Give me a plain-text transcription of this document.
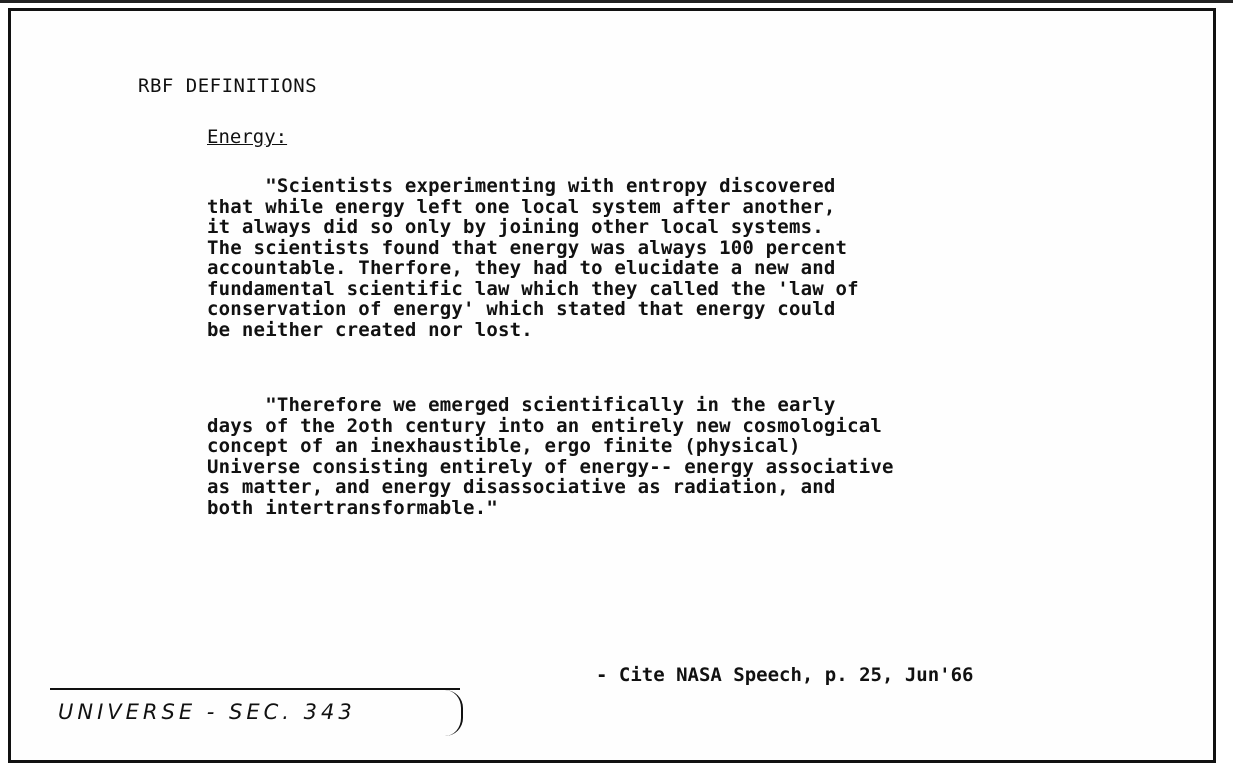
RBF DEFINITIONS
Energy:
"Scientists experimenting with entropy discovered
that while energy left one local system after another,
it always did so only by joining other local systems.
The scientists found that energy was always 100 percent
accountable. Therfore, they had to elucidate a new and
fundamental scientific law which they called the 'law of
conservation of energy' which stated that energy could
be neither created nor lost.
"Therefore we emerged scientifically in the early
days of the 2oth century into an entirely new cosmological
concept of an inexhaustible, ergo finite (physical)
Universe consisting entirely of energy-- energy associative
as matter, and energy disassociative as radiation, and
both intertransformable."
- Cite NASA Speech, p. 25, Jun'66
UNIVERSE - SEC. 343
